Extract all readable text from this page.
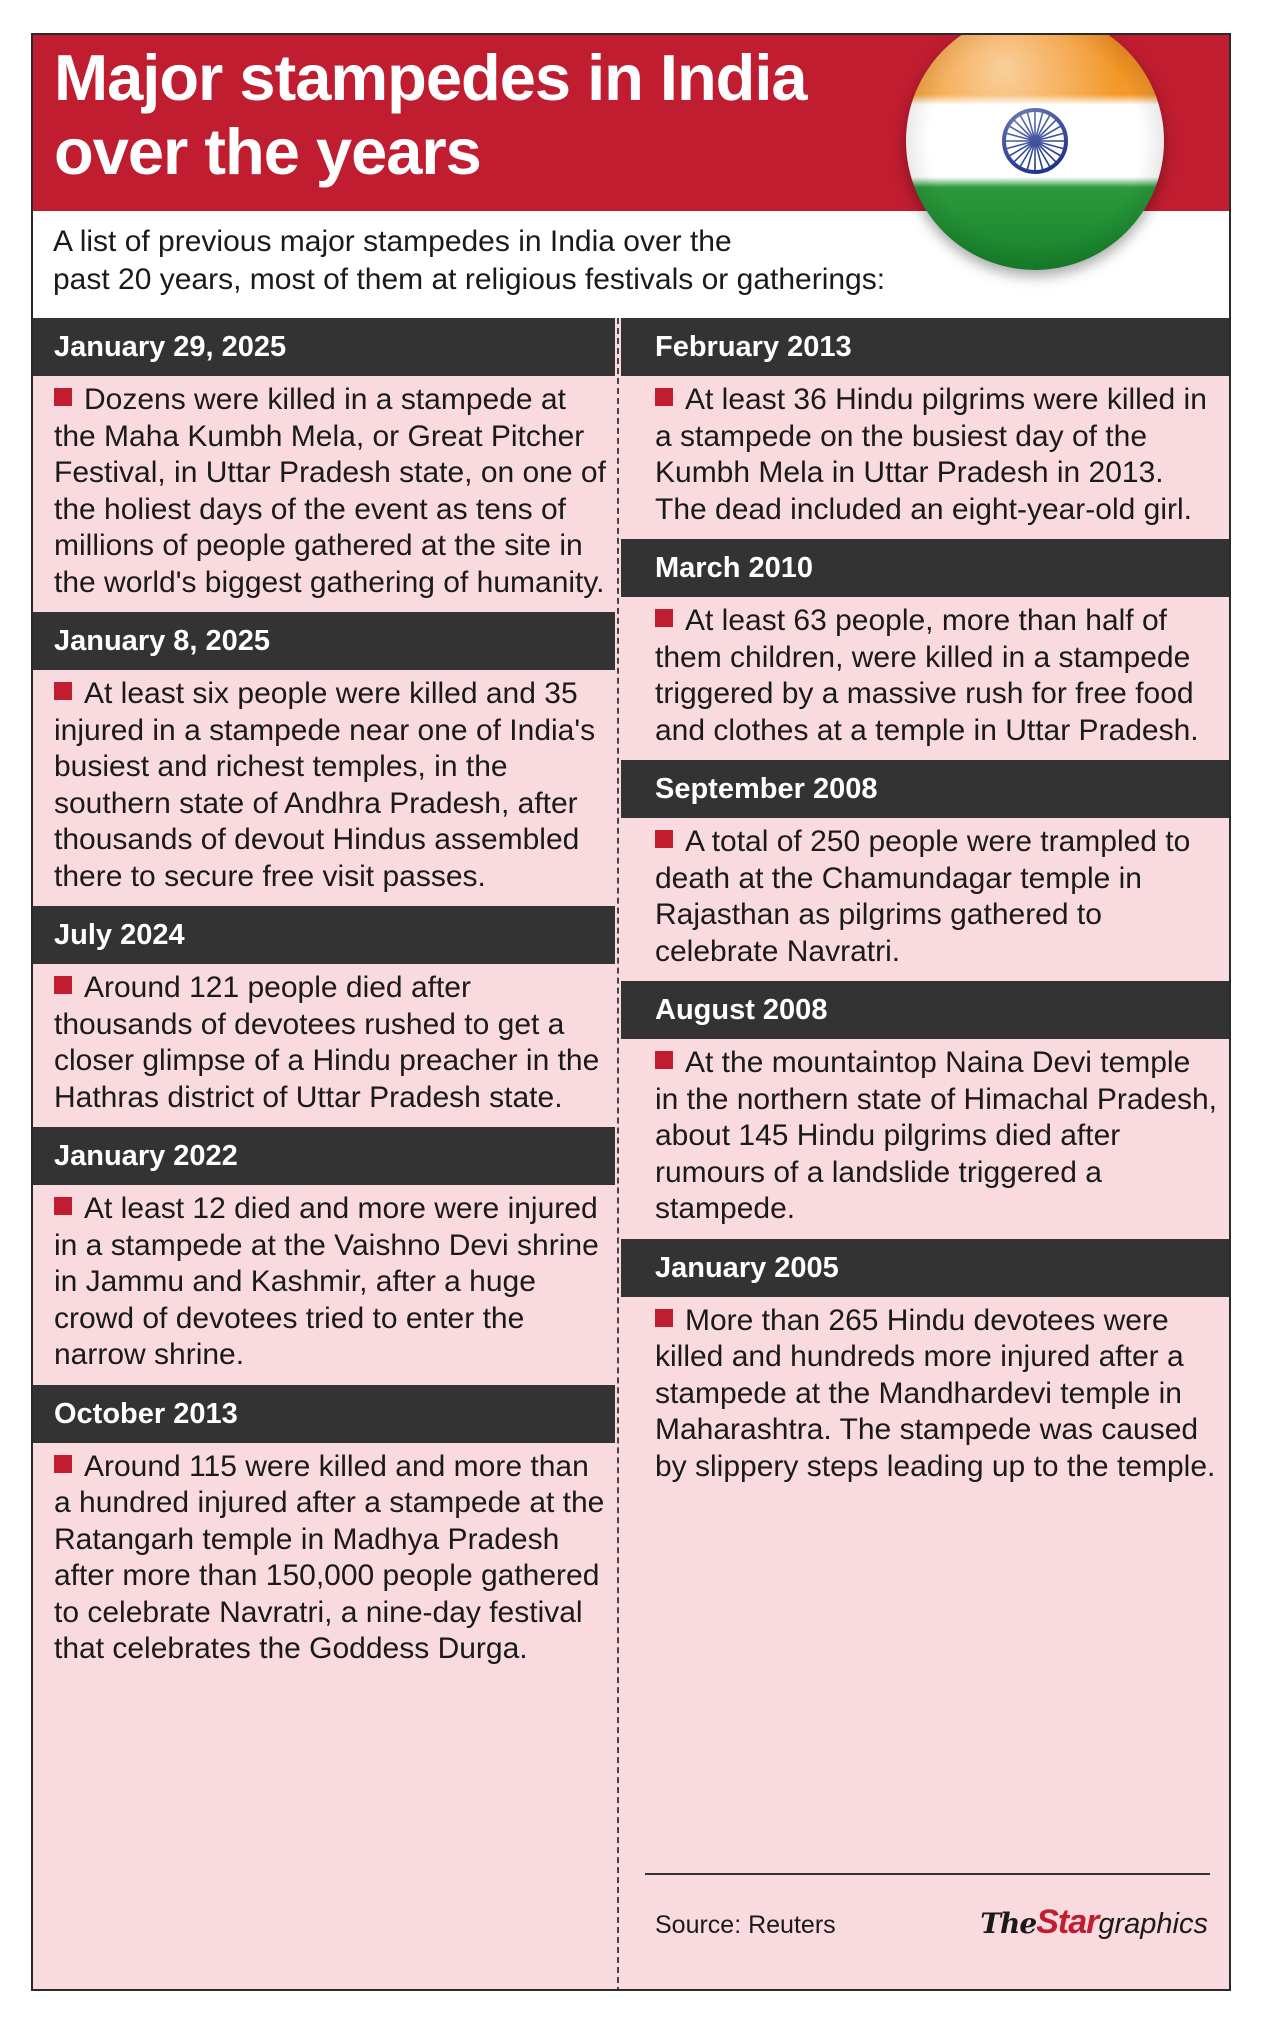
Major stampedes in India
over the years
A list of previous major stampedes in India over the
past 20 years, most of them at religious festivals or gatherings:
January 29, 2025
Dozens were killed in a stampede at the Maha Kumbh Mela, or Great Pitcher Festival, in Uttar Pradesh state, on one of the holiest days of the event as tens of millions of people gathered at the site in the world's biggest gathering of humanity.
January 8, 2025
At least six people were killed and 35 injured in a stampede near one of India's busiest and richest temples, in the southern state of Andhra Pradesh, after thousands of devout Hindus assembled there to secure free visit passes.
July 2024
Around 121 people died after thousands of devotees rushed to get a closer glimpse of a Hindu preacher in the Hathras district of Uttar Pradesh state.
January 2022
At least 12 died and more were injured in a stampede at the Vaishno Devi shrine in Jammu and Kashmir, after a huge crowd of devotees tried to enter the narrow shrine.
October 2013
Around 115 were killed and more than a hundred injured after a stampede at the Ratangarh temple in Madhya Pradesh after more than 150,000 people gathered to celebrate Navratri, a nine-day festival that celebrates the Goddess Durga.
February 2013
At least 36 Hindu pilgrims were killed in a stampede on the busiest day of the Kumbh Mela in Uttar Pradesh in 2013. The dead included an eight-year-old girl.
March 2010
At least 63 people, more than half of them children, were killed in a stampede triggered by a massive rush for free food and clothes at a temple in Uttar Pradesh.
September 2008
A total of 250 people were trampled to death at the Chamundagar temple in Rajasthan as pilgrims gathered to celebrate Navratri.
August 2008
At the mountaintop Naina Devi temple in the northern state of Himachal Pradesh, about 145 Hindu pilgrims died after rumours of a landslide triggered a stampede.
January 2005
More than 265 Hindu devotees were killed and hundreds more injured after a stampede at the Mandhardevi temple in Maharashtra. The stampede was caused by slippery steps leading up to the temple.
Source: Reuters	TheStargraphics
